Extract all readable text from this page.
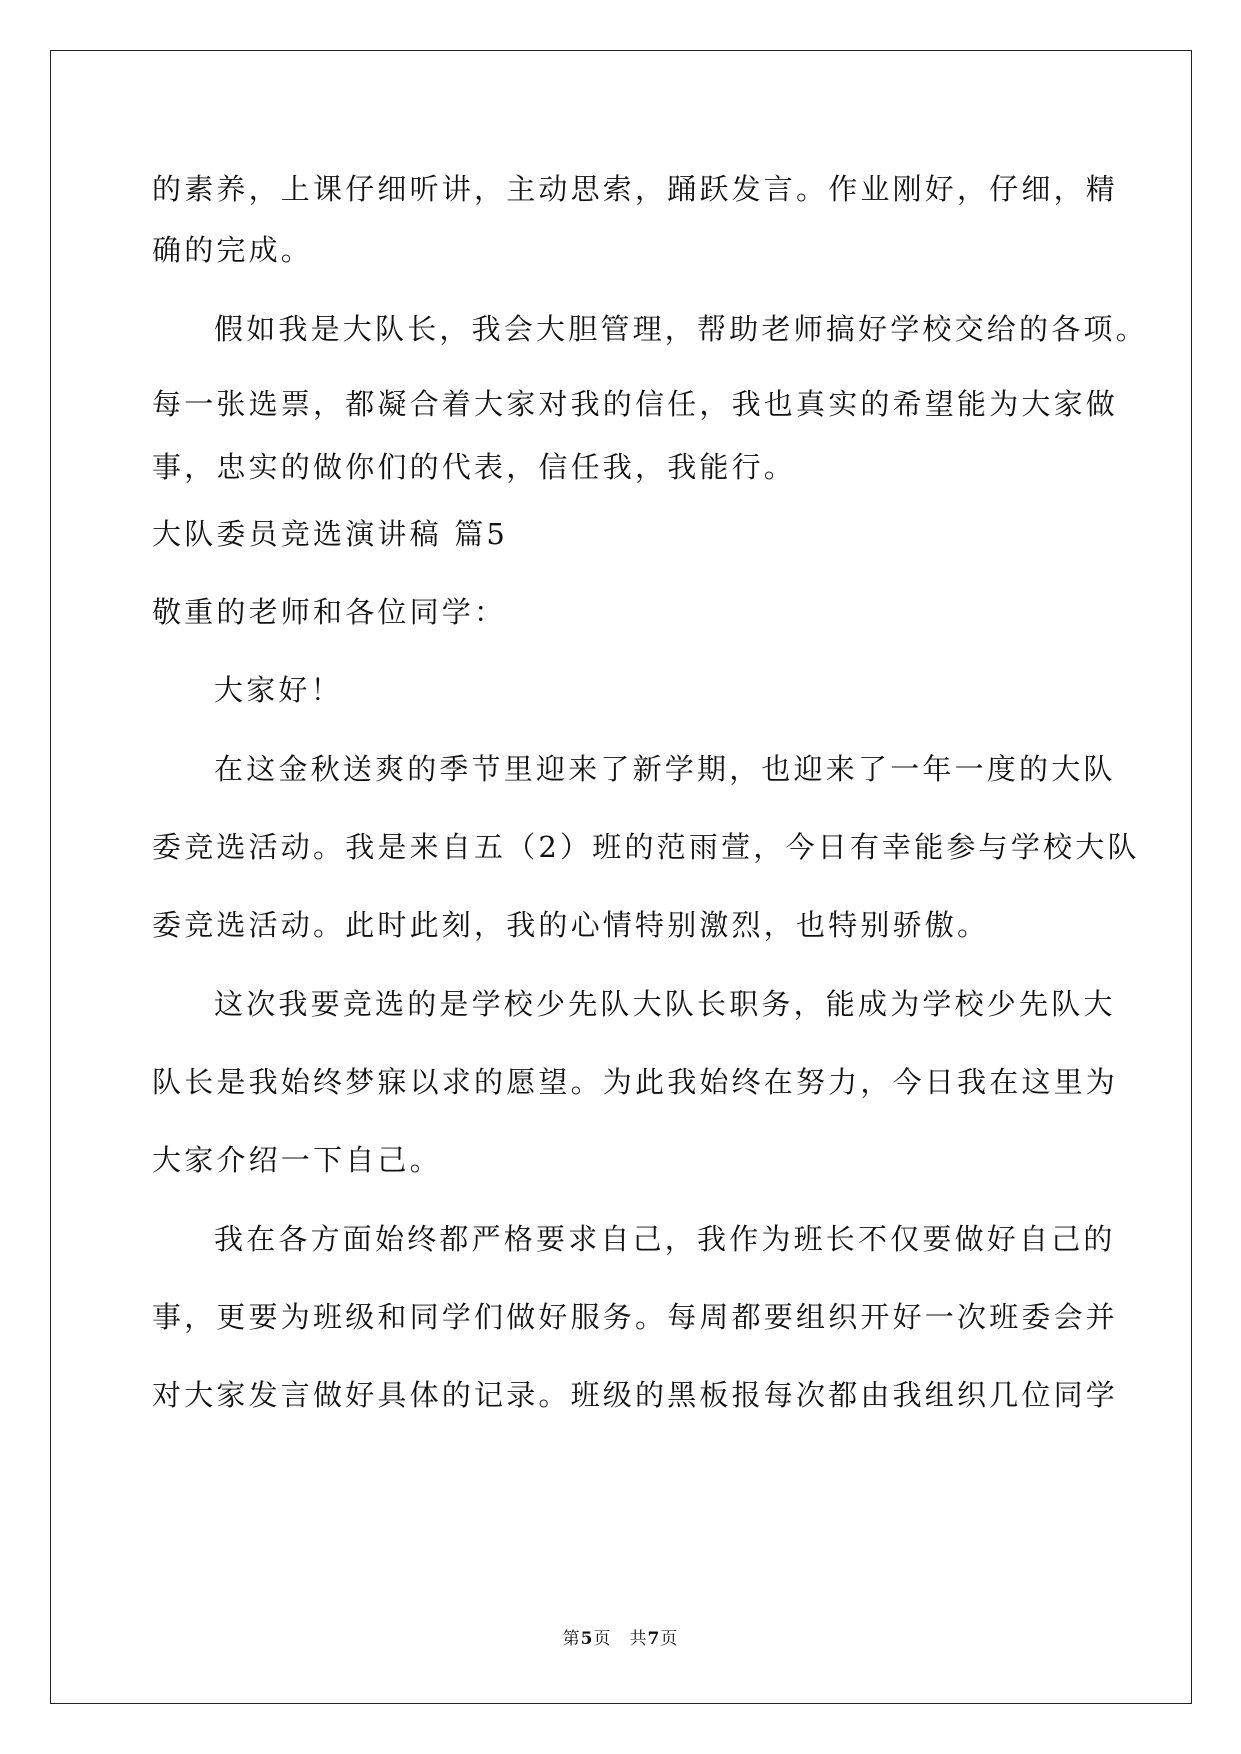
的素养，上课仔细听讲，主动思索，踊跃发言。作业刚好，仔细，精
确的完成。
假如我是大队长，我会大胆管理，帮助老师搞好学校交给的各项。
每一张选票，都凝合着大家对我的信任，我也真实的希望能为大家做
事，忠实的做你们的代表，信任我，我能行。
大队委员竞选演讲稿 篇5
敬重的老师和各位同学：
大家好！
在这金秋送爽的季节里迎来了新学期，也迎来了一年一度的大队
委竞选活动。我是来自五（2）班的范雨萱，今日有幸能参与学校大队
委竞选活动。此时此刻，我的心情特别激烈，也特别骄傲。
这次我要竞选的是学校少先队大队长职务，能成为学校少先队大
队长是我始终梦寐以求的愿望。为此我始终在努力，今日我在这里为
大家介绍一下自己。
我在各方面始终都严格要求自己，我作为班长不仅要做好自己的
事，更要为班级和同学们做好服务。每周都要组织开好一次班委会并
对大家发言做好具体的记录。班级的黑板报每次都由我组织几位同学
第5页　共7页
